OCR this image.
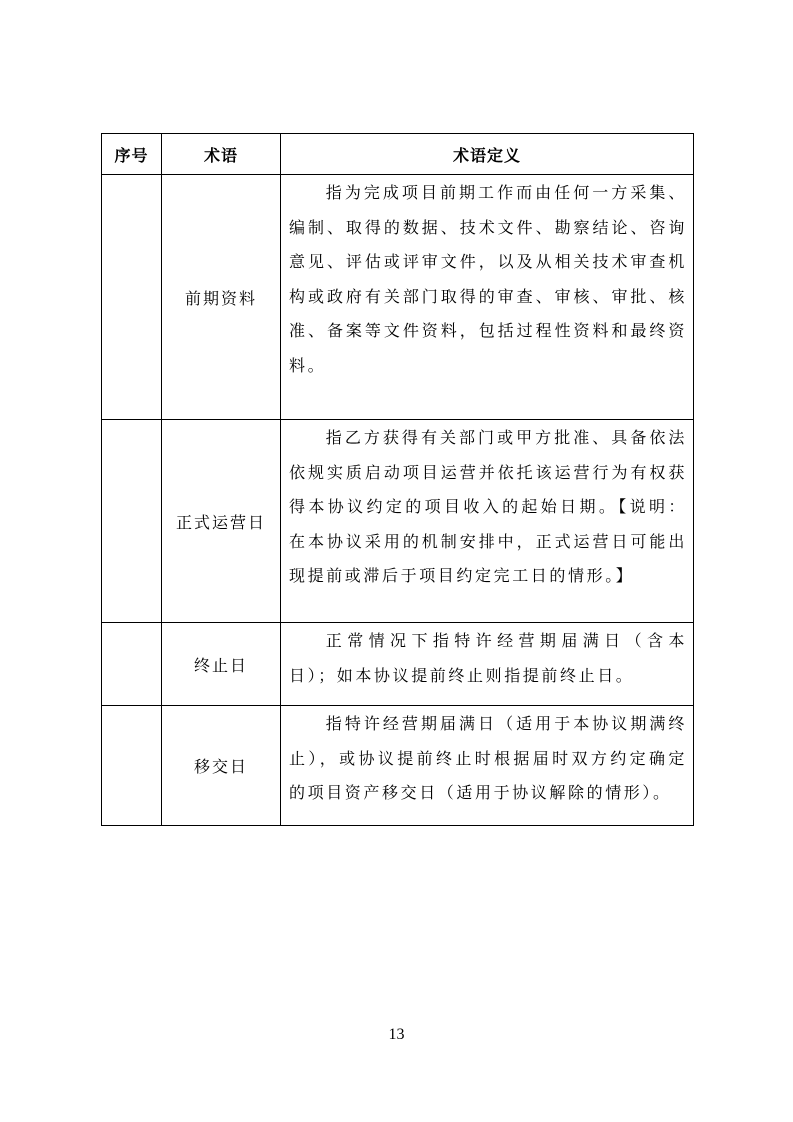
序号	术语	术语定义
	前期资料	指为完成项目前期工作而由任何一方采集、编制、取得的数据、技术文件、勘察结论、咨询意见、评估或评审文件，以及从相关技术审查机构或政府有关部门取得的审查、审核、审批、核准、备案等文件资料，包括过程性资料和最终资料。
	正式运营日	指乙方获得有关部门或甲方批准、具备依法依规实质启动项目运营并依托该运营行为有权获得本协议约定的项目收入的起始日期。【说明：在本协议采用的机制安排中，正式运营日可能出现提前或滞后于项目约定完工日的情形。】
	终止日	正常情况下指特许经营期届满日（含本日）；如本协议提前终止则指提前终止日。
	移交日	指特许经营期届满日（适用于本协议期满终止），或协议提前终止时根据届时双方约定确定的项目资产移交日（适用于协议解除的情形）。
13
